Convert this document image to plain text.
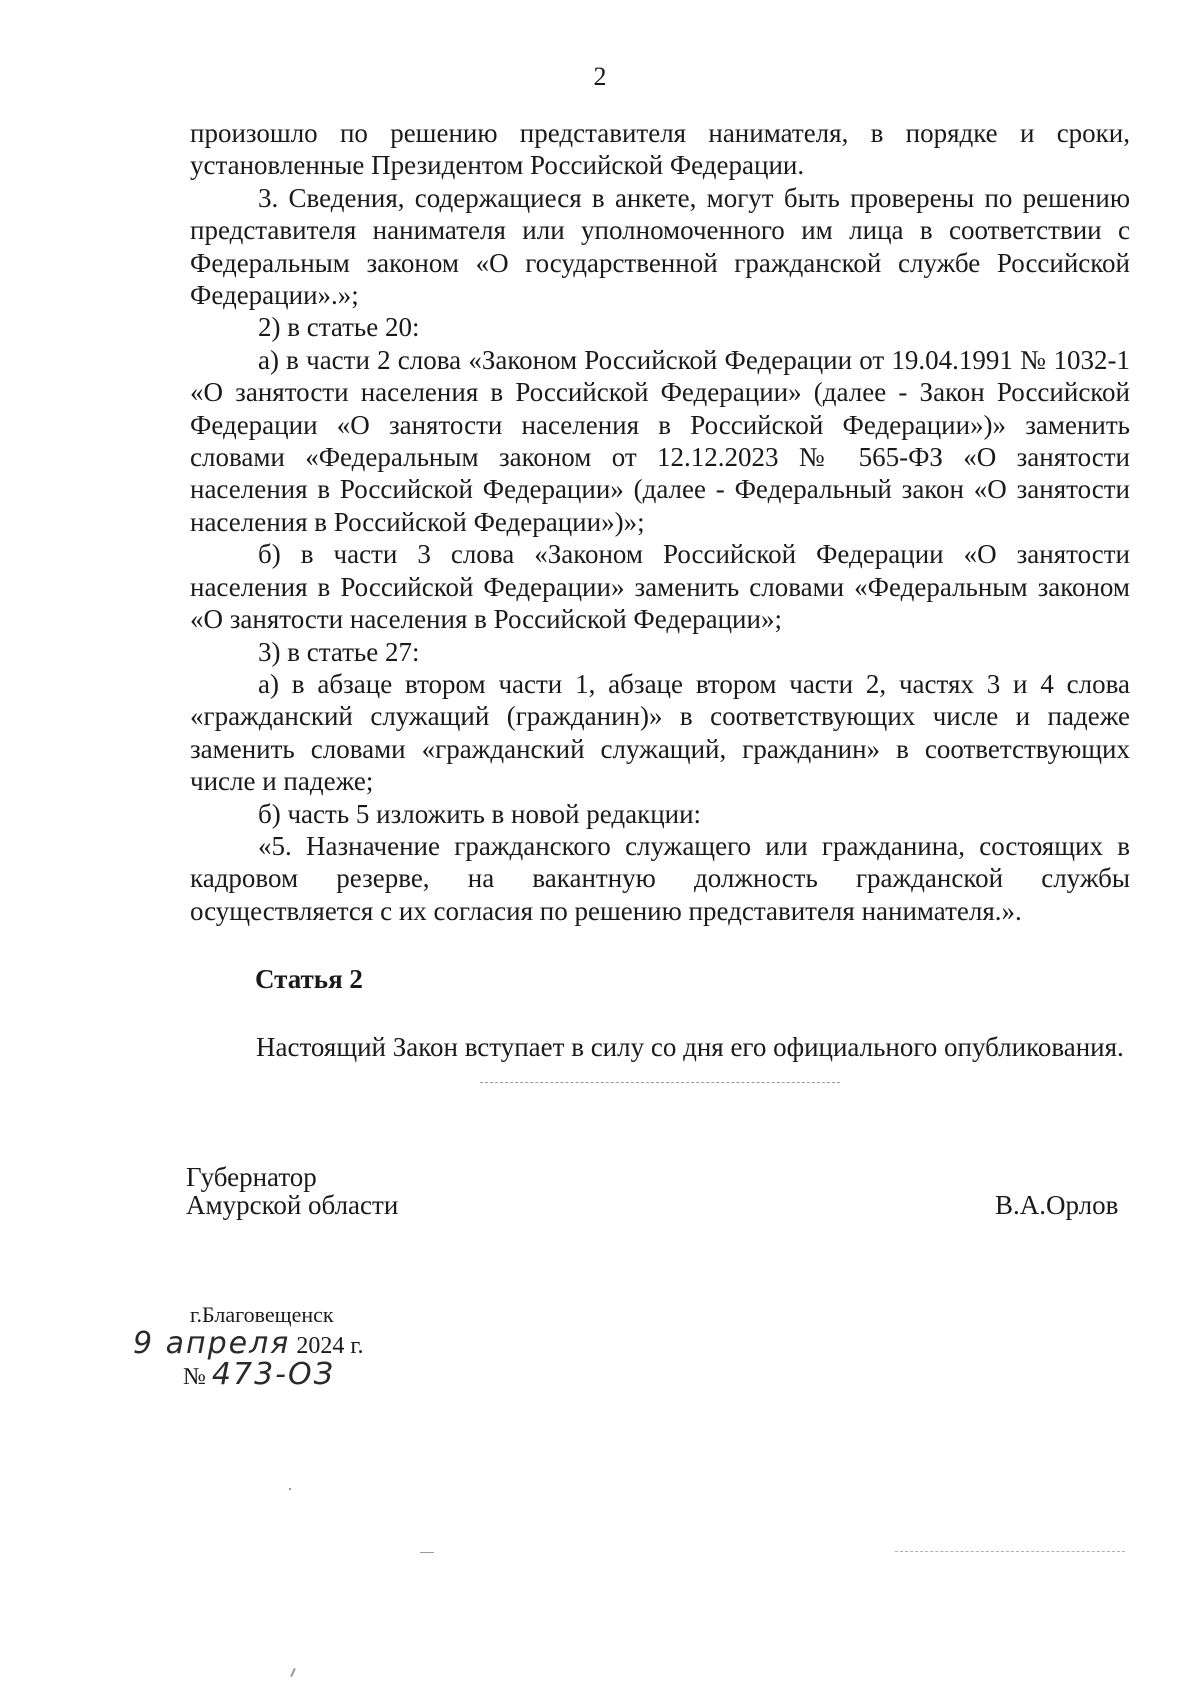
2

произошло по решению представителя нанимателя, в порядке и сроки, установленные Президентом Российской Федерации.

3. Сведения, содержащиеся в анкете, могут быть проверены по решению представителя нанимателя или уполномоченного им лица в соответствии с Федеральным законом «О государственной гражданской службе Российской Федерации».»;

2) в статье 20:

а) в части 2 слова «Законом Российской Федерации от 19.04.1991 № 1032-1 «О занятости населения в Российской Федерации» (далее - Закон Российской Федерации «О занятости населения в Российской Федерации»)» заменить словами «Федеральным законом от 12.12.2023 № 565-ФЗ «О занятости населения в Российской Федерации» (далее - Федеральный закон «О занятости населения в Российской Федерации»)»;

б) в части 3 слова «Законом Российской Федерации «О занятости населения в Российской Федерации» заменить словами «Федеральным законом «О занятости населения в Российской Федерации»;

3) в статье 27:

а) в абзаце втором части 1, абзаце втором части 2, частях 3 и 4 слова «гражданский служащий (гражданин)» в соответствующих числе и падеже заменить словами «гражданский служащий, гражданин» в соответствующих числе и падеже;

б) часть 5 изложить в новой редакции:

«5. Назначение гражданского служащего или гражданина, состоящих в кадровом резерве, на вакантную должность гражданской службы осуществляется с их согласия по решению представителя нанимателя.».

Статья 2

Настоящий Закон вступает в силу со дня его официального опубликования.

Губернатор
Амурской области	В.А.Орлов
г.Благовещенск
9 апреля 2024 г.
№ 473-ОЗ
